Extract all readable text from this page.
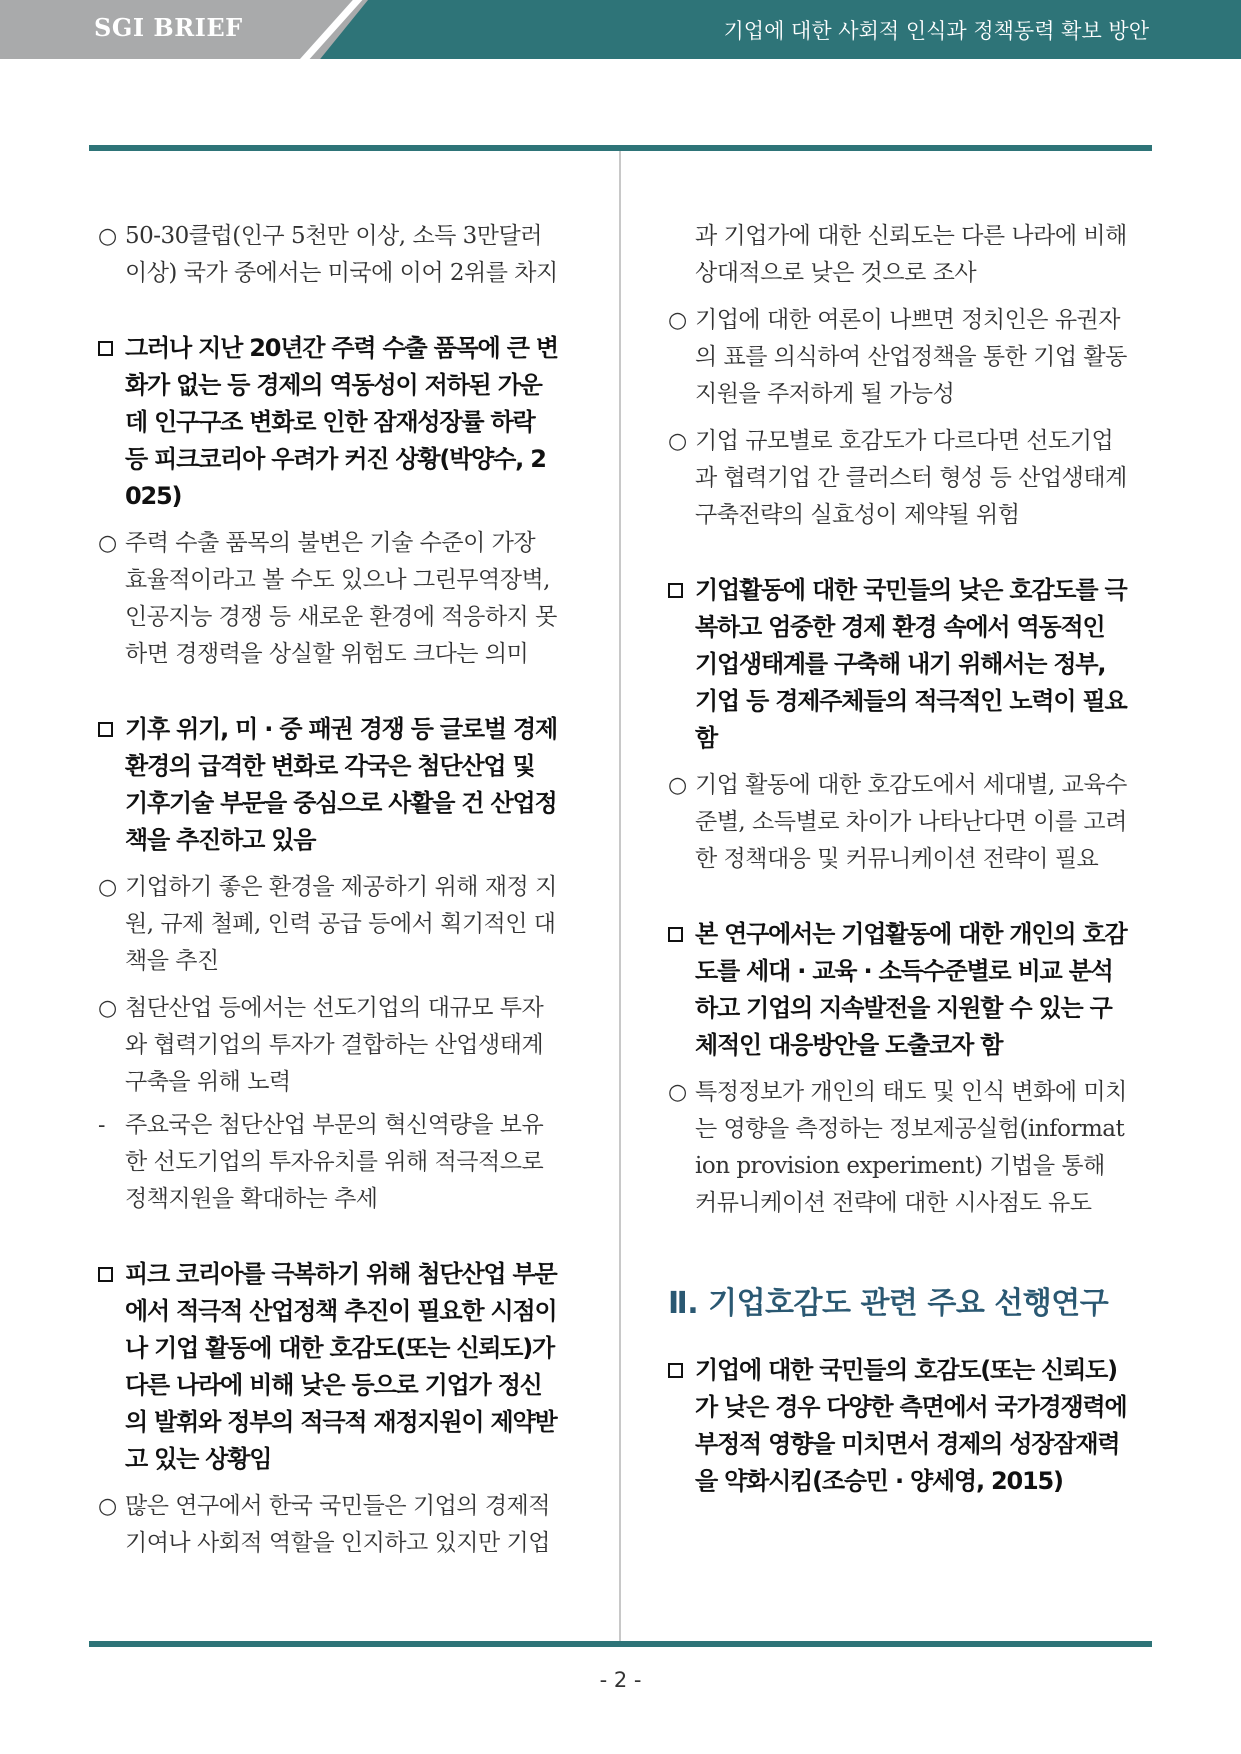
SGI BRIEF	기업에 대한 사회적 인식과 정책동력 확보 방안

○ 50-30클럽(인구 5천만 이상, 소득 3만달러 이상) 국가 중에서는 미국에 이어 2위를 차지

그러나 지난 20년간 주력 수출 품목에 큰 변화가 없는 등 경제의 역동성이 저하된 가운데 인구구조 변화로 인한 잠재성장률 하락 등 피크코리아 우려가 커진 상황(박양수, 2025)

○ 주력 수출 품목의 불변은 기술 수준이 가장 효율적이라고 볼 수도 있으나 그린무역장벽, 인공지능 경쟁 등 새로운 환경에 적응하지 못하면 경쟁력을 상실할 위험도 크다는 의미

기후 위기, 미 · 중 패권 경쟁 등 글로벌 경제환경의 급격한 변화로 각국은 첨단산업 및 기후기술 부문을 중심으로 사활을 건 산업정책을 추진하고 있음

○ 기업하기 좋은 환경을 제공하기 위해 재정 지원, 규제 철폐, 인력 공급 등에서 획기적인 대책을 추진

○ 첨단산업 등에서는 선도기업의 대규모 투자와 협력기업의 투자가 결합하는 산업생태계 구축을 위해 노력

- 주요국은 첨단산업 부문의 혁신역량을 보유한 선도기업의 투자유치를 위해 적극적으로 정책지원을 확대하는 추세

피크 코리아를 극복하기 위해 첨단산업 부문에서 적극적 산업정책 추진이 필요한 시점이나 기업 활동에 대한 호감도(또는 신뢰도)가 다른 나라에 비해 낮은 등으로 기업가 정신의 발휘와 정부의 적극적 재정지원이 제약받고 있는 상황임

○ 많은 연구에서 한국 국민들은 기업의 경제적 기여나 사회적 역할을 인지하고 있지만 기업

과 기업가에 대한 신뢰도는 다른 나라에 비해 상대적으로 낮은 것으로 조사

○ 기업에 대한 여론이 나쁘면 정치인은 유권자의 표를 의식하여 산업정책을 통한 기업 활동 지원을 주저하게 될 가능성

○ 기업 규모별로 호감도가 다르다면 선도기업과 협력기업 간 클러스터 형성 등 산업생태계 구축전략의 실효성이 제약될 위험

기업활동에 대한 국민들의 낮은 호감도를 극복하고 엄중한 경제 환경 속에서 역동적인 기업생태계를 구축해 내기 위해서는 정부, 기업 등 경제주체들의 적극적인 노력이 필요함

○ 기업 활동에 대한 호감도에서 세대별, 교육수준별, 소득별로 차이가 나타난다면 이를 고려한 정책대응 및 커뮤니케이션 전략이 필요

본 연구에서는 기업활동에 대한 개인의 호감도를 세대 · 교육 · 소득수준별로 비교 분석하고 기업의 지속발전을 지원할 수 있는 구체적인 대응방안을 도출코자 함

○ 특정정보가 개인의 태도 및 인식 변화에 미치는 영향을 측정하는 정보제공실험(information provision experiment) 기법을 통해 커뮤니케이션 전략에 대한 시사점도 유도

Ⅱ. 기업호감도 관련 주요 선행연구

기업에 대한 국민들의 호감도(또는 신뢰도)가 낮은 경우 다양한 측면에서 국가경쟁력에 부정적 영향을 미치면서 경제의 성장잠재력을 약화시킴(조승민 · 양세영, 2015)

- 2 -
